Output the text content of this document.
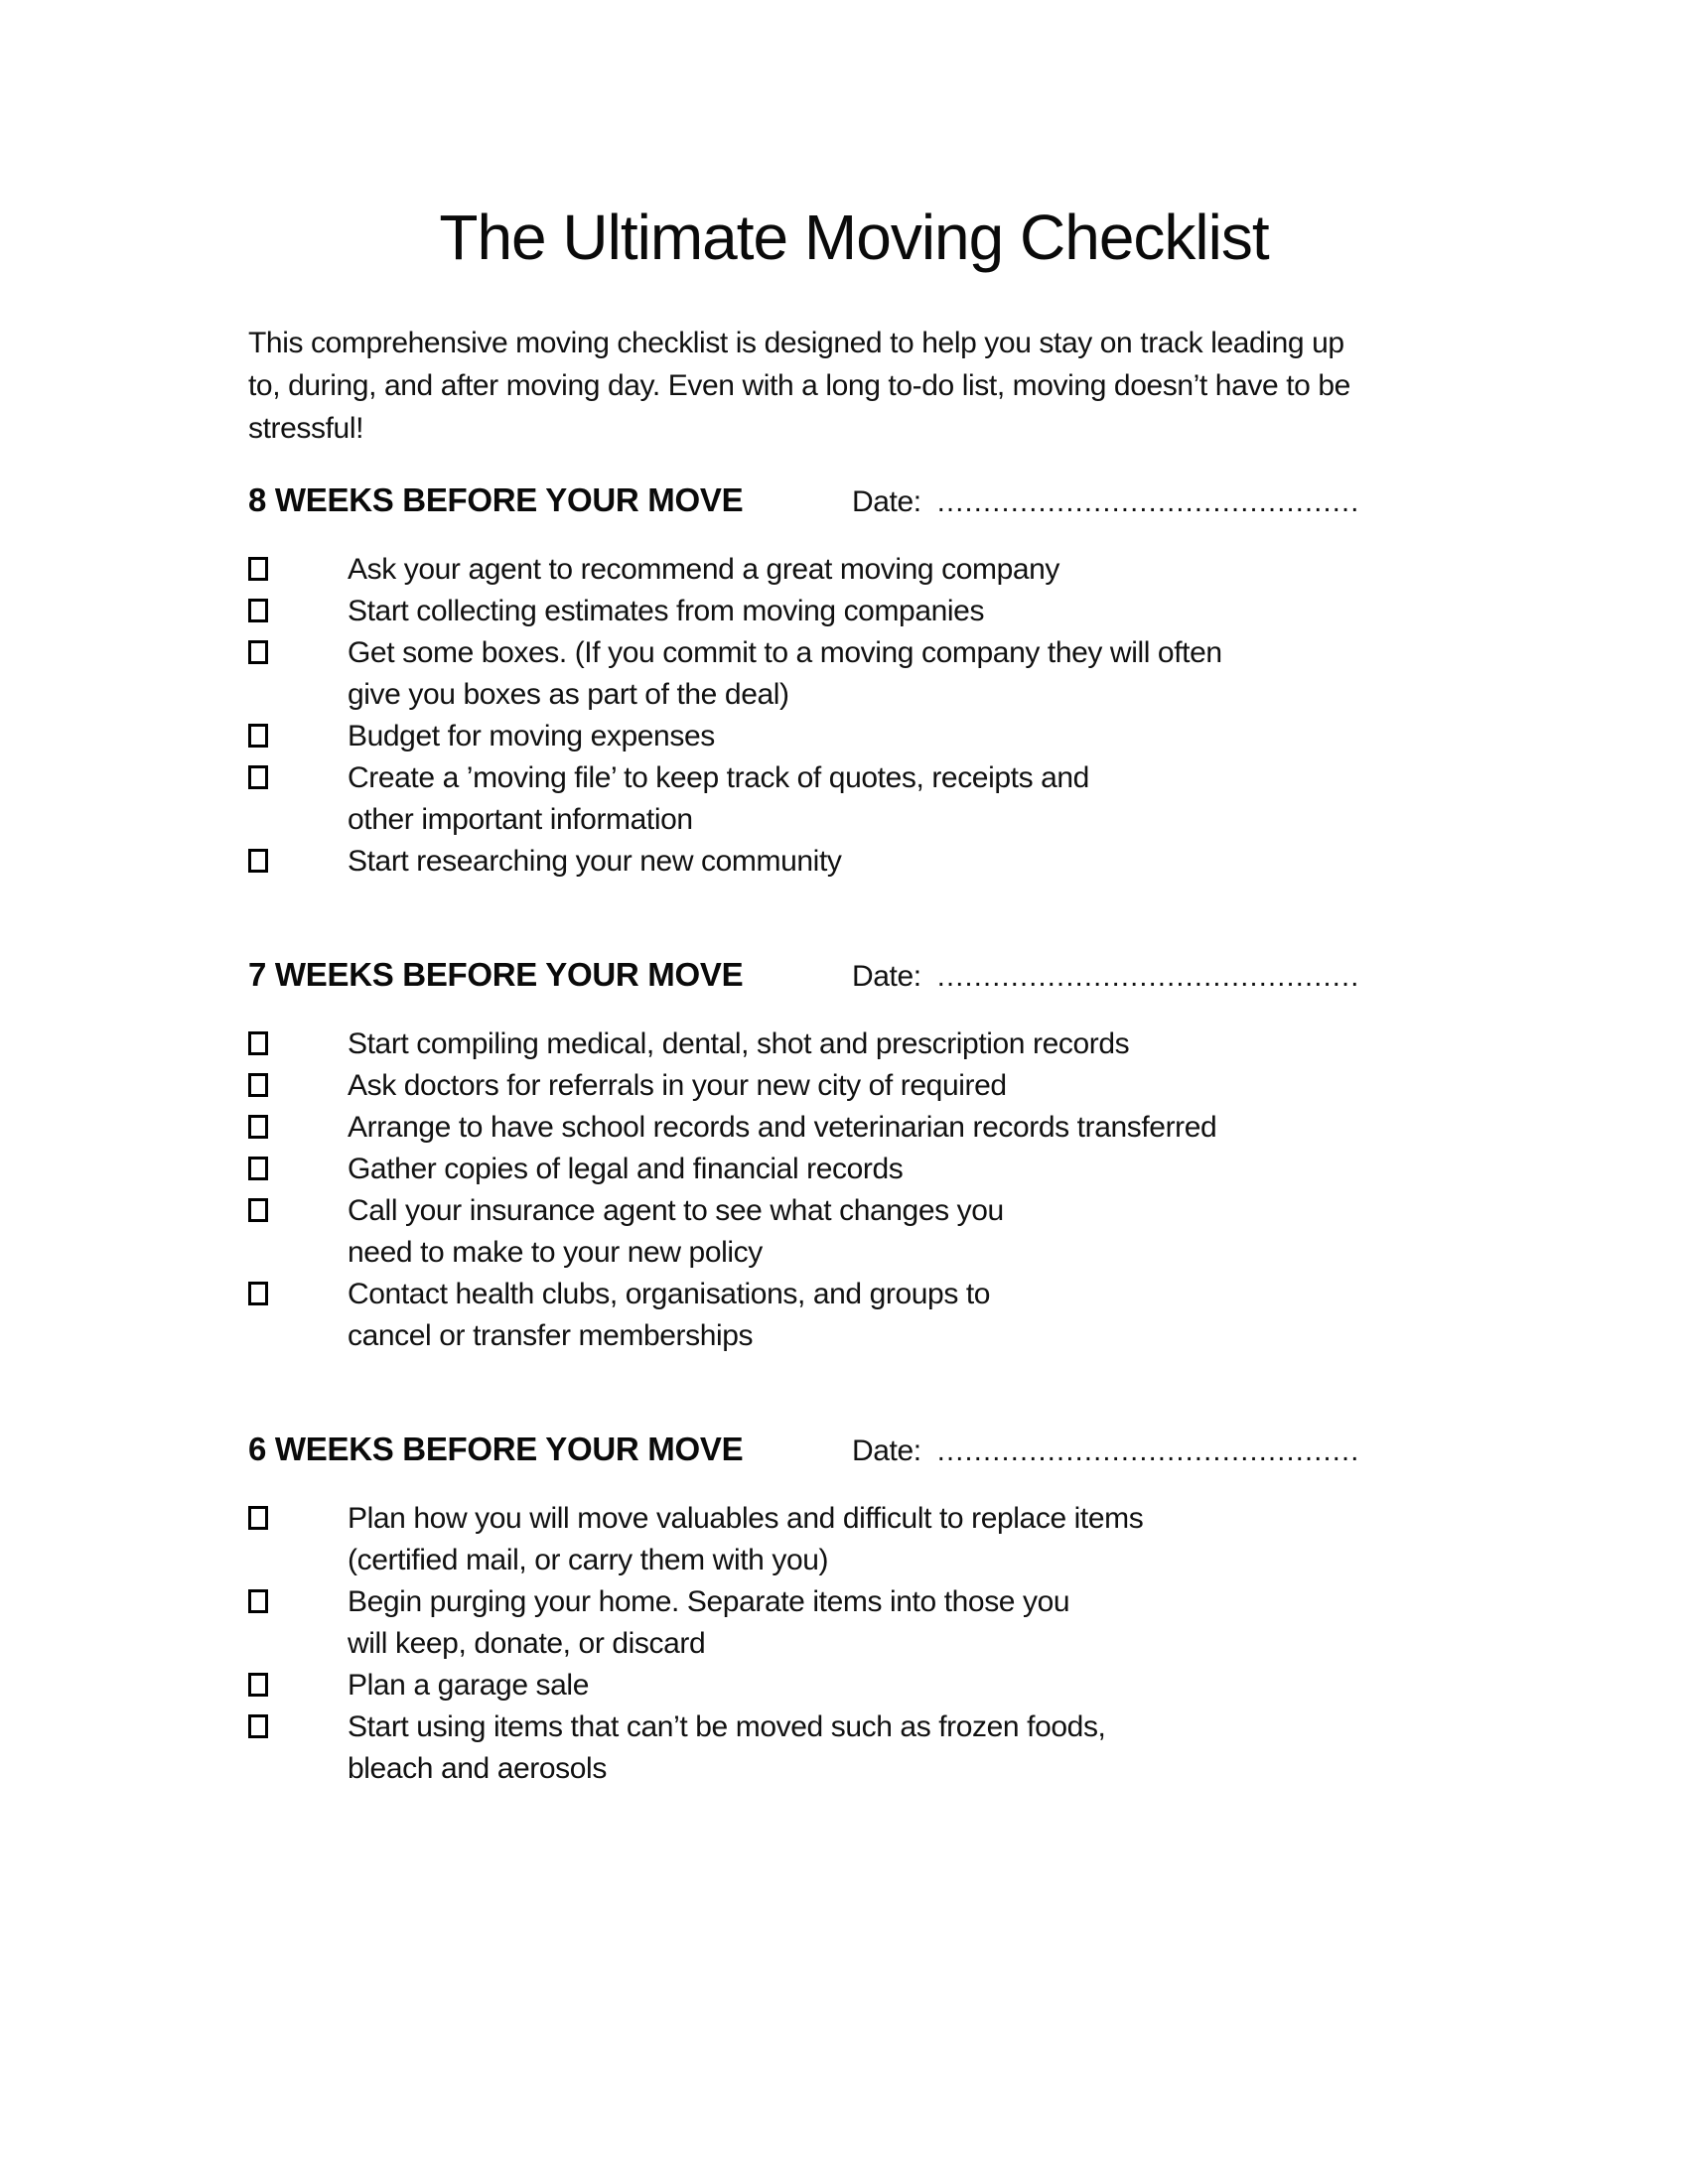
The Ultimate Moving Checklist

This comprehensive moving checklist is designed to help you stay on track leading up
to, during, and after moving day. Even with a long to-do list, moving doesn’t have to be
stressful!

8 WEEKS BEFORE YOUR MOVE	Date: ..............................................
Ask your agent to recommend a great moving company
Start collecting estimates from moving companies
Get some boxes. (If you commit to a moving company they will often
give you boxes as part of the deal)
Budget for moving expenses
Create a ’moving file’ to keep track of quotes, receipts and
other important information
Start researching your new community
7 WEEKS BEFORE YOUR MOVE	Date: ..............................................
Start compiling medical, dental, shot and prescription records
Ask doctors for referrals in your new city of required
Arrange to have school records and veterinarian records transferred
Gather copies of legal and financial records
Call your insurance agent to see what changes you
need to make to your new policy
Contact health clubs, organisations, and groups to
cancel or transfer memberships
6 WEEKS BEFORE YOUR MOVE	Date: ..............................................
Plan how you will move valuables and difficult to replace items
(certified mail, or carry them with you)
Begin purging your home. Separate items into those you
will keep, donate, or discard
Plan a garage sale
Start using items that can’t be moved such as frozen foods,
bleach and aerosols
